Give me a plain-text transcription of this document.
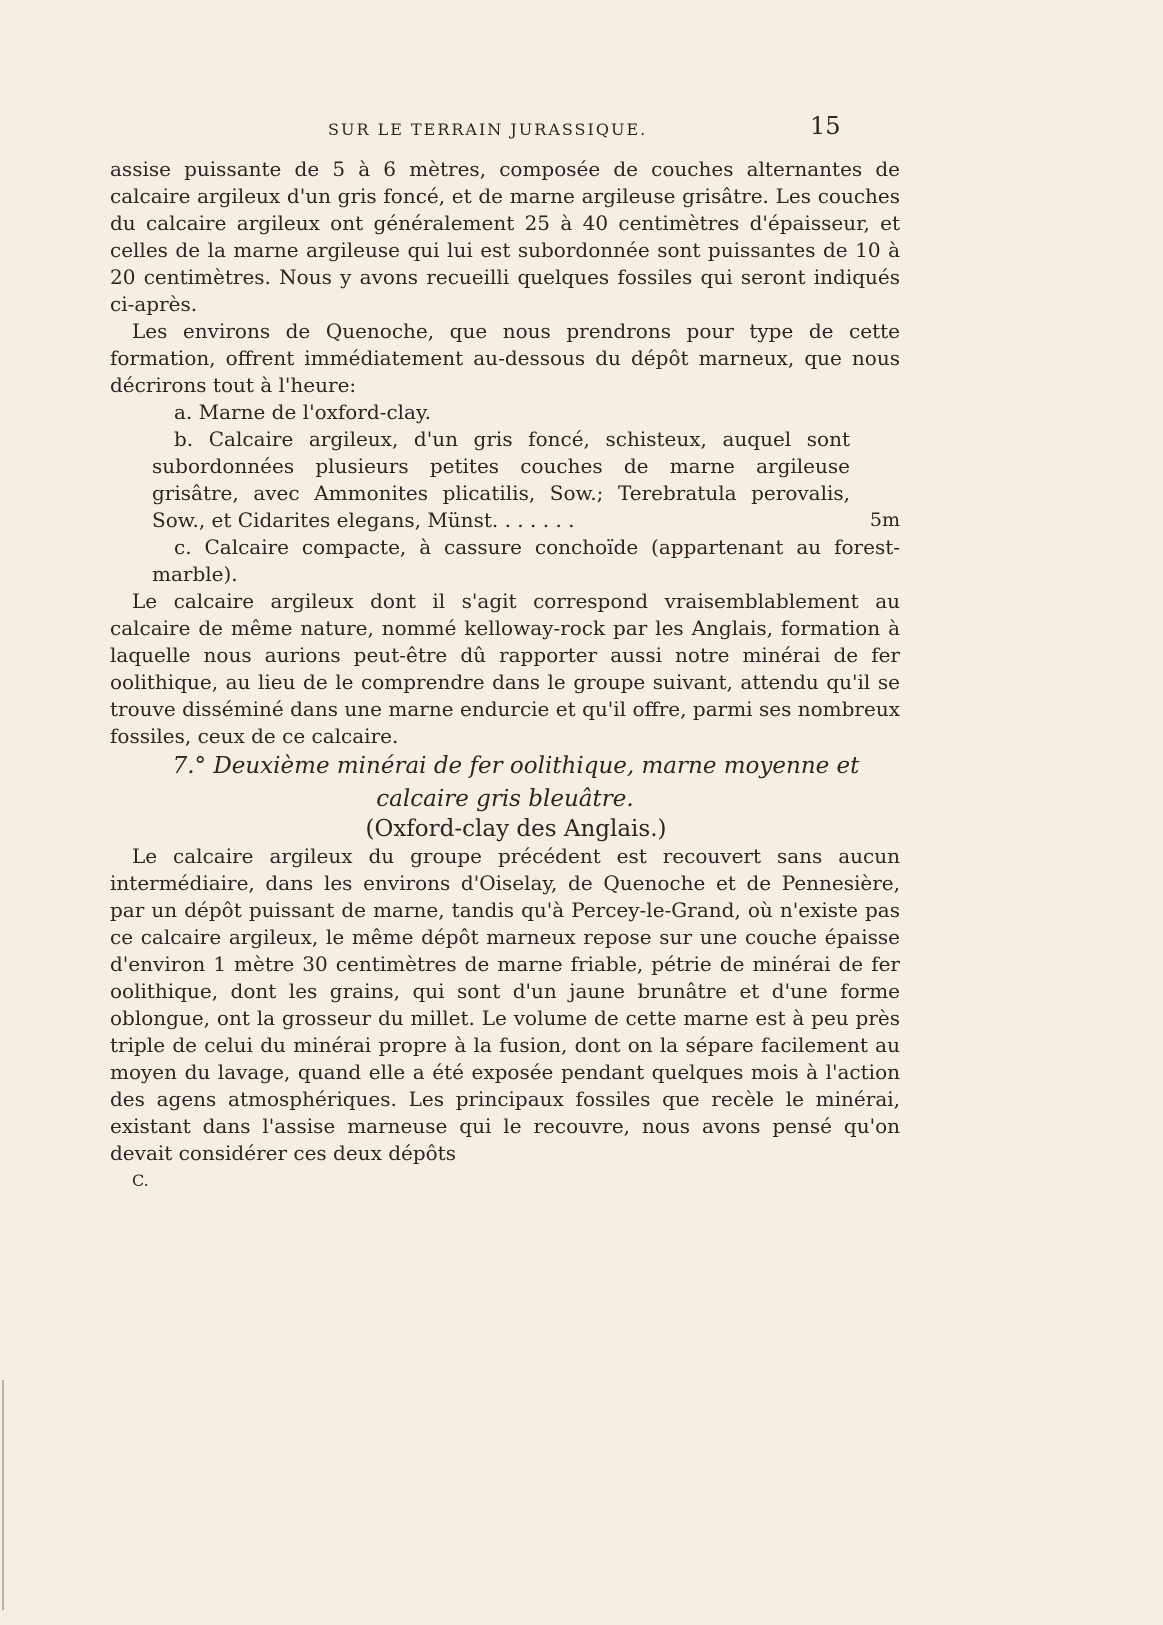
SUR LE TERRAIN JURASSIQUE.	15

assise puissante de 5 à 6 mètres, composée de couches alternantes de calcaire argileux d'un gris foncé, et de marne argileuse grisâtre. Les couches du calcaire argileux ont généralement 25 à 40 centimètres d'épaisseur, et celles de la marne argileuse qui lui est subordonnée sont puissantes de 10 à 20 centimètres. Nous y avons recueilli quelques fossiles qui seront indiqués ci-après.

Les environs de Quenoche, que nous prendrons pour type de cette formation, offrent immédiatement au-dessous du dépôt marneux, que nous décrirons tout à l'heure:

a. Marne de l'oxford-clay.

b. Calcaire argileux, d'un gris foncé, schisteux, auquel sont subordonnées plusieurs petites couches de marne argileuse grisâtre, avec Ammonites plicatilis, Sow.; Terebratula perovalis, Sow., et Cidarites elegans, Münst. . . . . . .	5m

c. Calcaire compacte, à cassure conchoïde (appartenant au forest-marble).

Le calcaire argileux dont il s'agit correspond vraisemblablement au calcaire de même nature, nommé kelloway-rock par les Anglais, formation à laquelle nous aurions peut-être dû rapporter aussi notre minérai de fer oolithique, au lieu de le comprendre dans le groupe suivant, attendu qu'il se trouve disséminé dans une marne endurcie et qu'il offre, parmi ses nombreux fossiles, ceux de ce calcaire.

7.° Deuxième minérai de fer oolithique, marne moyenne et calcaire gris bleuâtre.

(Oxford-clay des Anglais.)

Le calcaire argileux du groupe précédent est recouvert sans aucun intermédiaire, dans les environs d'Oiselay, de Quenoche et de Pennesière, par un dépôt puissant de marne, tandis qu'à Percey-le-Grand, où n'existe pas ce calcaire argileux, le même dépôt marneux repose sur une couche épaisse d'environ 1 mètre 30 centimètres de marne friable, pétrie de minérai de fer oolithique, dont les grains, qui sont d'un jaune brunâtre et d'une forme oblongue, ont la grosseur du millet. Le volume de cette marne est à peu près triple de celui du minérai propre à la fusion, dont on la sépare facilement au moyen du lavage, quand elle a été exposée pendant quelques mois à l'action des agens atmosphériques. Les principaux fossiles que recèle le minérai, existant dans l'assise marneuse qui le recouvre, nous avons pensé qu'on devait considérer ces deux dépôts

C.
